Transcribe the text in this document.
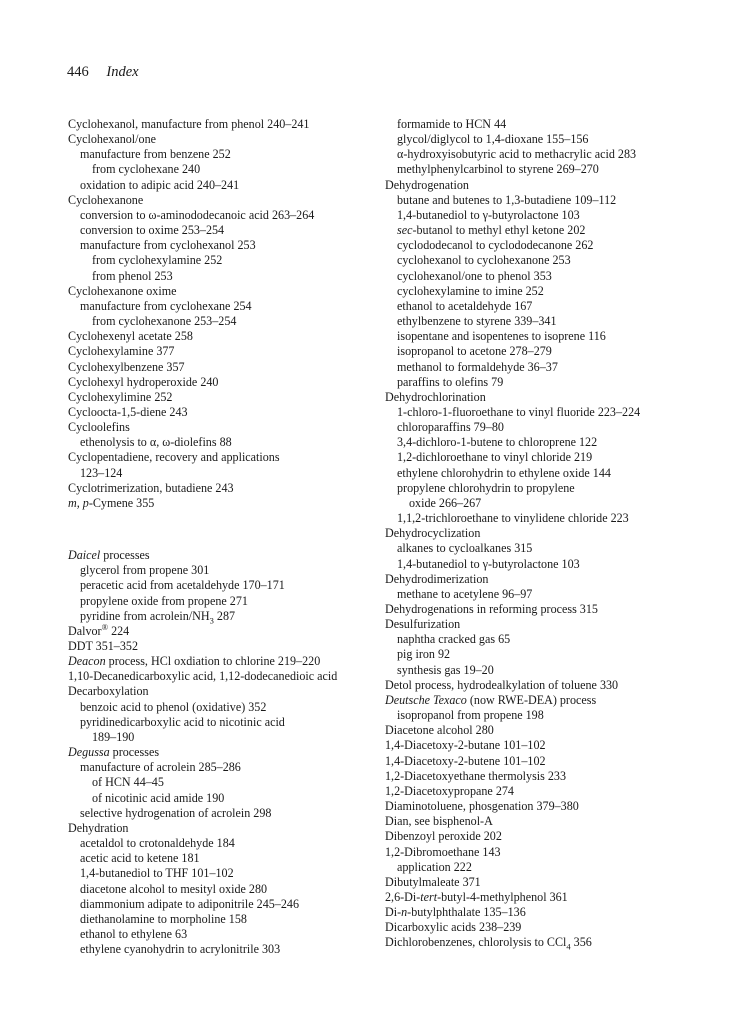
446 Index
Cyclohexanol, manufacture from phenol 240–241
Cyclohexanol/one
manufacture from benzene 252
from cyclohexane 240
oxidation to adipic acid 240–241
Cyclohexanone
conversion to ω-aminododecanoic acid 263–264
conversion to oxime 253–254
manufacture from cyclohexanol 253
from cyclohexylamine 252
from phenol 253
Cyclohexanone oxime
manufacture from cyclohexane 254
from cyclohexanone 253–254
Cyclohexenyl acetate 258
Cyclohexylamine 377
Cyclohexylbenzene 357
Cyclohexyl hydroperoxide 240
Cyclohexylimine 252
Cycloocta-1,5-diene 243
Cycloolefins
ethenolysis to α, ω-diolefins 88
Cyclopentadiene, recovery and applications
123–124
Cyclotrimerization, butadiene 243
m, p-Cymene 355
Daicel processes
glycerol from propene 301
peracetic acid from acetaldehyde 170–171
propylene oxide from propene 271
pyridine from acrolein/$NH_3$ 287
Dalvor® 224
DDT 351–352
Deacon process, HCl oxdiation to chlorine 219–220
1,10-Decanedicarboxylic acid, 1,12-dodecanedioic acid
Decarboxylation
benzoic acid to phenol (oxidative) 352
pyridinedicarboxylic acid to nicotinic acid
189–190
Degussa processes
manufacture of acrolein 285–286
of HCN 44–45
of nicotinic acid amide 190
selective hydrogenation of acrolein 298
Dehydration
acetaldol to crotonaldehyde 184
acetic acid to ketene 181
1,4-butanediol to THF 101–102
diacetone alcohol to mesityl oxide 280
diammonium adipate to adiponitrile 245–246
diethanolamine to morpholine 158
ethanol to ethylene 63
ethylene cyanohydrin to acrylonitrile 303
formamide to HCN 44
glycol/diglycol to 1,4-dioxane 155–156
α-hydroxyisobutyric acid to methacrylic acid 283
methylphenylcarbinol to styrene 269–270
Dehydrogenation
butane and butenes to 1,3-butadiene 109–112
1,4-butanediol to γ-butyrolactone 103
sec-butanol to methyl ethyl ketone 202
cyclododecanol to cyclododecanone 262
cyclohexanol to cyclohexanone 253
cyclohexanol/one to phenol 353
cyclohexylamine to imine 252
ethanol to acetaldehyde 167
ethylbenzene to styrene 339–341
isopentane and isopentenes to isoprene 116
isopropanol to acetone 278–279
methanol to formaldehyde 36–37
paraffins to olefins 79
Dehydrochlorination
1-chloro-1-fluoroethane to vinyl fluoride 223–224
chloroparaffins 79–80
3,4-dichloro-1-butene to chloroprene 122
1,2-dichloroethane to vinyl chloride 219
ethylene chlorohydrin to ethylene oxide 144
propylene chlorohydrin to propylene
oxide 266–267
1,1,2-trichloroethane to vinylidene chloride 223
Dehydrocyclization
alkanes to cycloalkanes 315
1,4-butanediol to γ-butyrolactone 103
Dehydrodimerization
methane to acetylene 96–97
Dehydrogenations in reforming process 315
Desulfurization
naphtha cracked gas 65
pig iron 92
synthesis gas 19–20
Detol process, hydrodealkylation of toluene 330
Deutsche Texaco (now RWE-DEA) process
isopropanol from propene 198
Diacetone alcohol 280
1,4-Diacetoxy-2-butane 101–102
1,4-Diacetoxy-2-butene 101–102
1,2-Diacetoxyethane thermolysis 233
1,2-Diacetoxypropane 274
Diaminotoluene, phosgenation 379–380
Dian, see bisphenol-A
Dibenzoyl peroxide 202
1,2-Dibromoethane 143
application 222
Dibutylmaleate 371
2,6-Di-tert-butyl-4-methylphenol 361
Di-n-butylphthalate 135–136
Dicarboxylic acids 238–239
Dichlorobenzenes, chlorolysis to CCl$_4$ 356
